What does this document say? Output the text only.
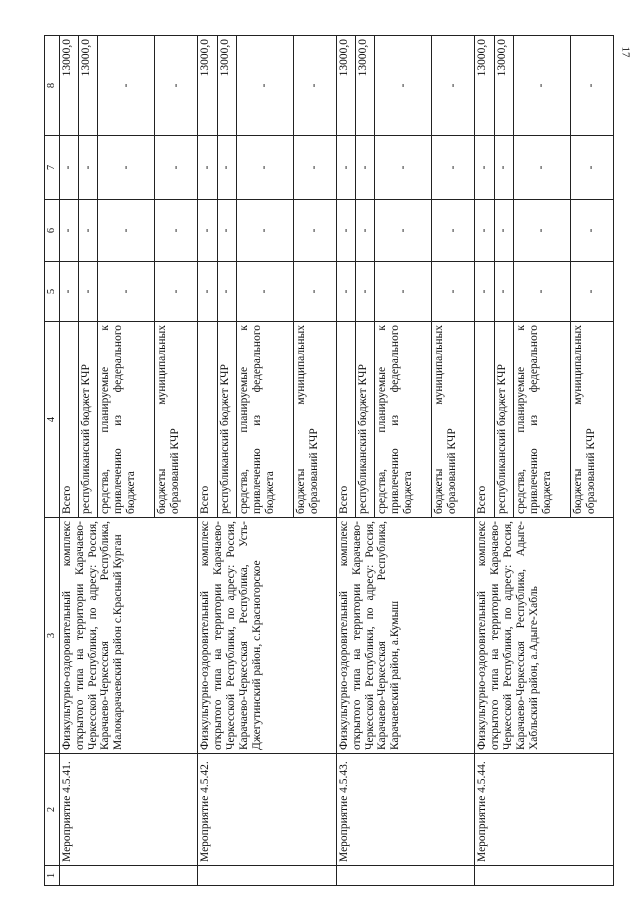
17
1	2	3	4	5	6	7	8
	Мероприятие 4.5.41.	Физкультурно-оздоровительный комплекс открытого типа на территории Карачаево-Черкесской Республики, по адресу: Россия, Карачаево-Черкесская Республика, Малокарачаевский район с.Красный Курган	Всего	-	-	-	13000,0
			республиканский бюджет КЧР	-	-	-	13000,0
			средства, планируемые к привлечению из федерального бюджета	-	-	-	-
			бюджеты муниципальных образований КЧР	-	-	-	-
	Мероприятие 4.5.42.	Физкультурно-оздоровительный комплекс открытого типа на территории Карачаево-Черкесской Республики, по адресу: Россия, Карачаево-Черкесская Республика, Усть-Джегутинский район, с.Красногорское	Всего	-	-	-	13000,0
			республиканский бюджет КЧР	-	-	-	13000,0
			средства, планируемые к привлечению из федерального бюджета	-	-	-	-
			бюджеты муниципальных образований КЧР	-	-	-	-
	Мероприятие 4.5.43.	Физкультурно-оздоровительный комплекс открытого типа на территории Карачаево-Черкесской Республики, по адресу: Россия, Карачаево-Черкесская Республика, Карачаевский район, а.Кумыш	Всего	-	-	-	13000,0
			республиканский бюджет КЧР	-	-	-	13000,0
			средства, планируемые к привлечению из федерального бюджета	-	-	-	-
			бюджеты муниципальных образований КЧР	-	-	-	-
	Мероприятие 4.5.44.	Физкультурно-оздоровительный комплекс открытого типа на территории Карачаево-Черкесской Республики, по адресу: Россия, Карачаево-Черкесская Республика, Адыге-Хабльский район, а.Адыге-Хабль	Всего	-	-	-	13000,0
			республиканский бюджет КЧР	-	-	-	13000,0
			средства, планируемые к привлечению из федерального бюджета	-	-	-	-
			бюджеты муниципальных образований КЧР	-	-	-	-
